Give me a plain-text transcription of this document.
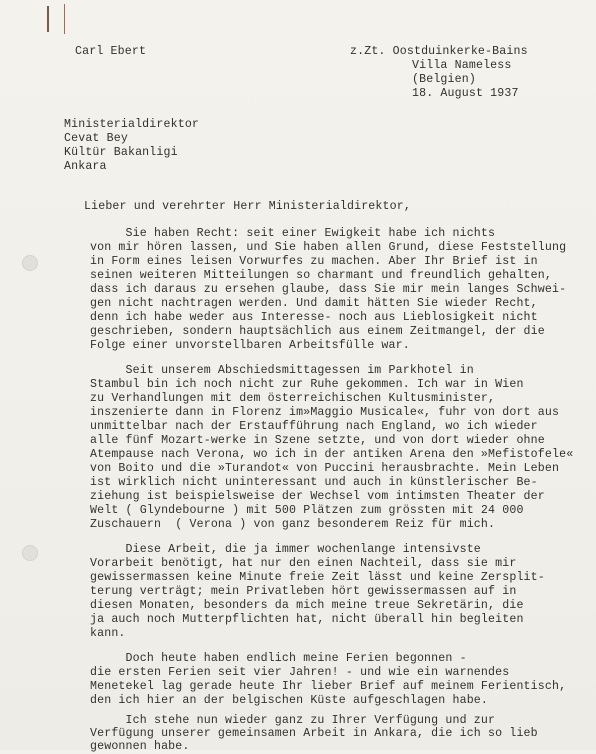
Carl Ebert	z.Zt. Oostduinkerke-Bains
Villa Nameless
(Belgien)
18. August 1937
Ministerialdirektor
Cevat Bey
Kültür Bakanligi
Ankara
Lieber und verehrter Herr Ministerialdirektor,
Sie haben Recht: seit einer Ewigkeit habe ich nichts
von mir hören lassen, und Sie haben allen Grund, diese Feststellung
in Form eines leisen Vorwurfes zu machen. Aber Ihr Brief ist in
seinen weiteren Mitteilungen so charmant und freundlich gehalten,
dass ich daraus zu ersehen glaube, dass Sie mir mein langes Schwei-
gen nicht nachtragen werden. Und damit hätten Sie wieder Recht,
denn ich habe weder aus Interesse- noch aus Lieblosigkeit nicht
geschrieben, sondern hauptsächlich aus einem Zeitmangel, der die
Folge einer unvorstellbaren Arbeitsfülle war.
Seit unserem Abschiedsmittagessen im Parkhotel in
Stambul bin ich noch nicht zur Ruhe gekommen. Ich war in Wien
zu Verhandlungen mit dem österreichischen Kultusminister,
inszenierte dann in Florenz im»Maggio Musicale«, fuhr von dort aus
unmittelbar nach der Erstaufführung nach England, wo ich wieder
alle fünf Mozart-werke in Szene setzte, und von dort wieder ohne
Atempause nach Verona, wo ich in der antiken Arena den »Mefistofele«
von Boito und die »Turandot« von Puccini herausbrachte. Mein Leben
ist wirklich nicht uninteressant und auch in künstlerischer Be-
ziehung ist beispielsweise der Wechsel vom intimsten Theater der
Welt ( Glyndebourne ) mit 500 Plätzen zum grössten mit 24 000
Zuschauern  ( Verona ) von ganz besonderem Reiz für mich.
Diese Arbeit, die ja immer wochenlange intensivste
Vorarbeit benötigt, hat nur den einen Nachteil, dass sie mir
gewissermassen keine Minute freie Zeit lässt und keine Zersplit-
terung verträgt; mein Privatleben hört gewissermassen auf in
diesen Monaten, besonders da mich meine treue Sekretärin, die
ja auch noch Mutterpflichten hat, nicht überall hin begleiten
kann.
Doch heute haben endlich meine Ferien begonnen -
die ersten Ferien seit vier Jahren! - und wie ein warnendes
Menetekel lag gerade heute Ihr lieber Brief auf meinem Ferientisch,
den ich hier an der belgischen Küste aufgeschlagen habe.
Ich stehe nun wieder ganz zu Ihrer Verfügung und zur
Verfügung unserer gemeinsamen Arbeit in Ankara, die ich so lieb
gewonnen habe.
